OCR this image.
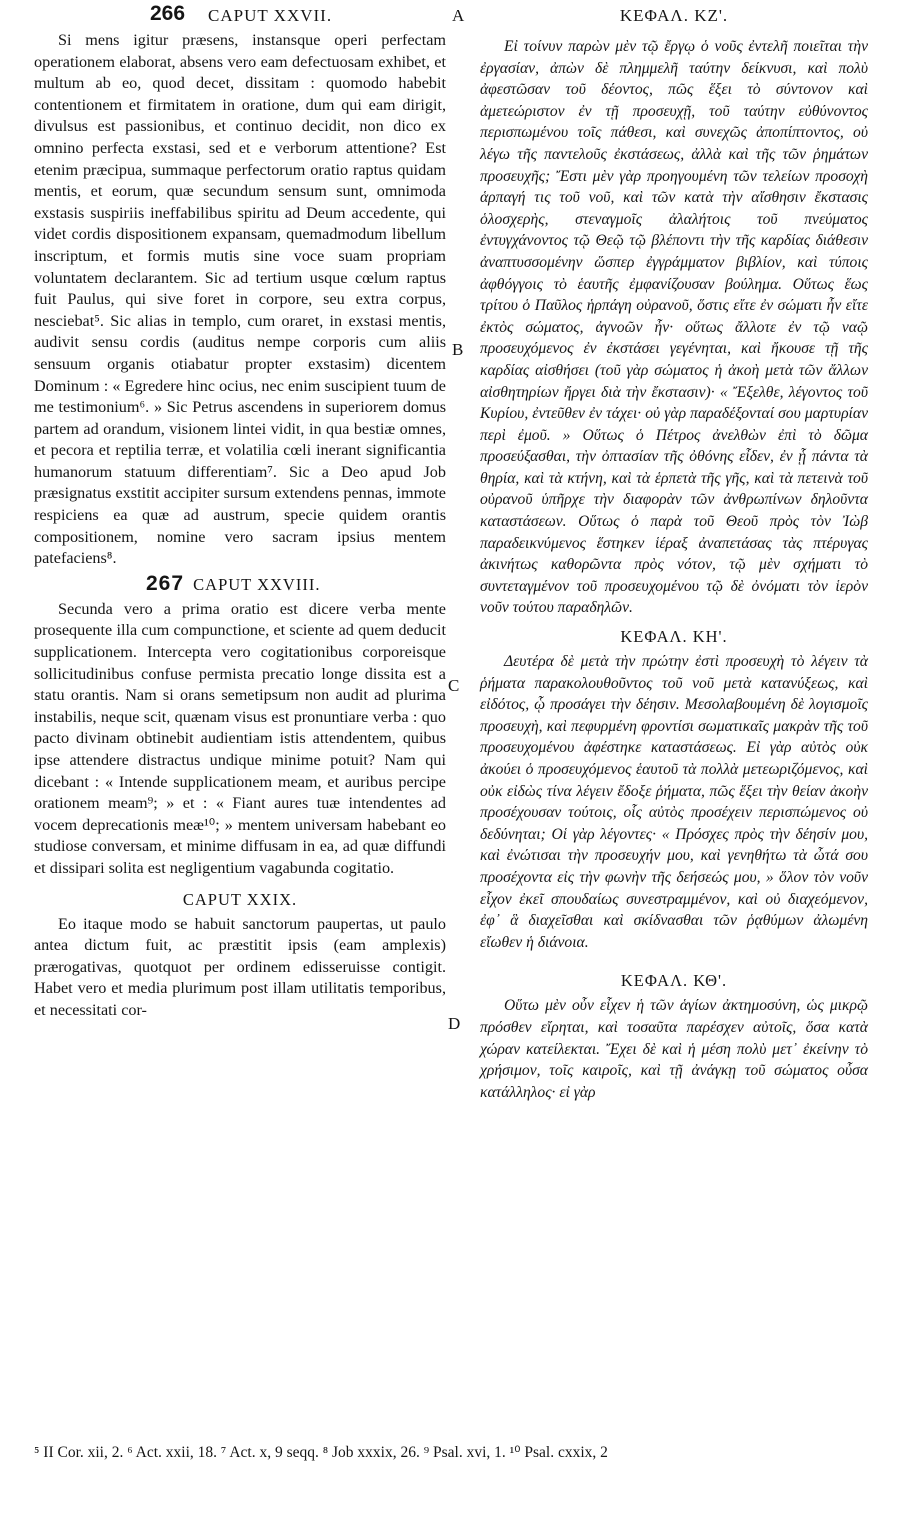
A
B
C
D
266 CAPUT XXVII.

Si mens igitur præsens, instansque operi perfectam operationem elaborat, absens vero eam defectuosam exhibet, et multum ab eo, quod decet, dissitam : quomodo habebit contentionem et firmitatem in oratione, dum qui eam dirigit, divulsus est passionibus, et continuo decidit, non dico ex omnino perfecta exstasi, sed et e verborum attentione? Est etenim præcipua, summaque perfectorum oratio raptus quidam mentis, et eorum, quæ secundum sensum sunt, omnimoda exstasis suspiriis ineffabilibus spiritu ad Deum accedente, qui videt cordis dispositionem expansam, quemadmodum libellum inscriptum, et formis mutis sine voce suam propriam voluntatem declarantem. Sic ad tertium usque cœlum raptus fuit Paulus, qui sive foret in corpore, seu extra corpus, nesciebat⁵. Sic alias in templo, cum oraret, in exstasi mentis, audivit sensu cordis (auditus nempe corporis cum aliis sensuum organis otiabatur propter exstasim) dicentem Dominum : « Egredere hinc ocius, nec enim suscipient tuum de me testimonium⁶. » Sic Petrus ascendens in superiorem domus partem ad orandum, visionem lintei vidit, in qua bestiæ omnes, et pecora et reptilia terræ, et volatilia cœli inerant significantia humanorum statuum differentiam⁷. Sic a Deo apud Job præsignatus exstitit accipiter sursum extendens pennas, immote respiciens ea quæ ad austrum, specie quidem orantis compositionem, nomine vero sacram ipsius mentem patefaciens⁸.

267 CAPUT XXVIII.

Secunda vero a prima oratio est dicere verba mente prosequente illa cum compunctione, et sciente ad quem deducit supplicationem. Intercepta vero cogitationibus corporeisque sollicitudinibus confuse permista precatio longe dissita est a statu orantis. Nam si orans semetipsum non audit ad plurima instabilis, neque scit, quænam visus est pronuntiare verba : quo pacto divinam obtinebit audientiam istis attendentem, quibus ipse attendere distractus undique minime potuit? Nam qui dicebant : « Intende supplicationem meam, et auribus percipe orationem meam⁹; » et : « Fiant aures tuæ intendentes ad vocem deprecationis meæ¹⁰; » mentem universam habebant eo studiose conversam, et minime diffusam in ea, ad quæ diffundi et dissipari solita est negligentium vagabunda cogitatio.

CAPUT XXIX.

Eo itaque modo se habuit sanctorum paupertas, ut paulo antea dictum fuit, ac præstitit ipsis (eam amplexis) prærogativas, quotquot per ordinem edisseruisse contigit. Habet vero et media plurimum post illam utilitatis temporibus, et necessitati cor-

ΚΕΦΑΛ. ΚΖ'.

Εἰ τοίνυν παρὼν μὲν τῷ ἔργῳ ὁ νοῦς ἐντελῆ ποιεῖται τὴν ἐργασίαν, ἀπὼν δὲ πλημμελῆ ταύτην δείκνυσι, καὶ πολὺ ἀφεστῶσαν τοῦ δέοντος, πῶς ἕξει τὸ σύντονον καὶ ἀμετεώριστον ἐν τῇ προσευχῇ, τοῦ ταύτην εὐθύνοντος περισπωμένου τοῖς πάθεσι, καὶ συνεχῶς ἀποπίπτοντος, οὐ λέγω τῆς παντελοῦς ἐκστάσεως, ἀλλὰ καὶ τῆς τῶν ῥημάτων προσευχῆς; Ἔστι μὲν γὰρ προηγουμένη τῶν τελείων προσοχὴ ἁρπαγή τις τοῦ νοῦ, καὶ τῶν κατὰ τὴν αἴσθησιν ἔκστασις ὁλοσχερὴς, στεναγμοῖς ἀλαλήτοις τοῦ πνεύματος ἐντυγχάνοντος τῷ Θεῷ τῷ βλέποντι τὴν τῆς καρδίας διάθεσιν ἀναπτυσσομένην ὥσπερ ἐγγράμματον βιβλίον, καὶ τύποις ἀφθόγγοις τὸ ἑαυτῆς ἐμφανίζουσαν βούλημα. Οὕτως ἕως τρίτου ὁ Παῦλος ἡρπάγη οὐρανοῦ, ὅστις εἴτε ἐν σώματι ἦν εἴτε ἐκτὸς σώματος, ἀγνοῶν ἦν· οὕτως ἄλλοτε ἐν τῷ ναῷ προσευχόμενος ἐν ἐκστάσει γεγένηται, καὶ ἤκουσε τῇ τῆς καρδίας αἰσθήσει (τοῦ γὰρ σώματος ἡ ἀκοὴ μετὰ τῶν ἄλλων αἰσθητηρίων ἤργει διὰ τὴν ἔκστασιν)· « Ἔξελθε, λέγοντος τοῦ Κυρίου, ἐντεῦθεν ἐν τάχει· οὐ γὰρ παραδέξονταί σου μαρτυρίαν περὶ ἐμοῦ. » Οὕτως ὁ Πέτρος ἀνελθὼν ἐπὶ τὸ δῶμα προσεύξασθαι, τὴν ὀπτασίαν τῆς ὀθόνης εἶδεν, ἐν ᾗ πάντα τὰ θηρία, καὶ τὰ κτήνη, καὶ τὰ ἑρπετὰ τῆς γῆς, καὶ τὰ πετεινὰ τοῦ οὐρανοῦ ὑπῆρχε τὴν διαφορὰν τῶν ἀνθρωπίνων δηλοῦντα καταστάσεων. Οὕτως ὁ παρὰ τοῦ Θεοῦ πρὸς τὸν Ἰὼβ παραδεικνύμενος ἕστηκεν ἱέραξ ἀναπετάσας τὰς πτέρυγας ἀκινήτως καθορῶντα πρὸς νότον, τῷ μὲν σχήματι τὸ συντεταγμένον τοῦ προσευχομένου τῷ δὲ ὀνόματι τὸν ἱερὸν νοῦν τούτου παραδηλῶν.

ΚΕΦΑΛ. ΚΗ'.

Δευτέρα δὲ μετὰ τὴν πρώτην ἐστὶ προσευχὴ τὸ λέγειν τὰ ῥήματα παρακολουθοῦντος τοῦ νοῦ μετὰ κατανύξεως, καὶ εἰδότος, ᾧ προσάγει τὴν δέησιν. Μεσολαβουμένη δὲ λογισμοῖς προσευχὴ, καὶ πεφυρμένη φροντίσι σωματικαῖς μακρὰν τῆς τοῦ προσευχομένου ἀφέστηκε καταστάσεως. Εἰ γὰρ αὐτὸς οὐκ ἀκούει ὁ προσευχόμενος ἑαυτοῦ τὰ πολλὰ μετεωριζόμενος, καὶ οὐκ εἰδὼς τίνα λέγειν ἔδοξε ῥήματα, πῶς ἕξει τὴν θείαν ἀκοὴν προσέχουσαν τούτοις, οἷς αὐτὸς προσέχειν περισπώμενος οὐ δεδύνηται; Οἱ γὰρ λέγοντες· « Πρόσχες πρὸς τὴν δέησίν μου, καὶ ἐνώτισαι τὴν προσευχήν μου, καὶ γενηθήτω τὰ ὦτά σου προσέχοντα εἰς τὴν φωνὴν τῆς δεήσεώς μου, » ὅλον τὸν νοῦν εἶχον ἐκεῖ σπουδαίως συνεστραμμένον, καὶ οὐ διαχεόμενον, ἐφ᾽ ἃ διαχεῖσθαι καὶ σκίδνασθαι τῶν ῥᾳθύμων ἀλωμένη εἴωθεν ἡ διάνοια.

ΚΕΦΑΛ. ΚΘ'.

Οὕτω μὲν οὖν εἶχεν ἡ τῶν ἁγίων ἀκτημοσύνη, ὡς μικρῷ πρόσθεν εἴρηται, καὶ τοσαῦτα παρέσχεν αὐτοῖς, ὅσα κατὰ χώραν κατείλεκται. Ἔχει δὲ καὶ ἡ μέση πολὺ μετ᾽ ἐκείνην τὸ χρήσιμον, τοῖς καιροῖς, καὶ τῇ ἀνάγκῃ τοῦ σώματος οὖσα κατάλληλος· εἰ γὰρ

⁵ II Cor. xii, 2. ⁶ Act. xxii, 18. ⁷ Act. x, 9 seqq. ⁸ Job xxxix, 26. ⁹ Psal. xvi, 1. ¹⁰ Psal. cxxix, 2
